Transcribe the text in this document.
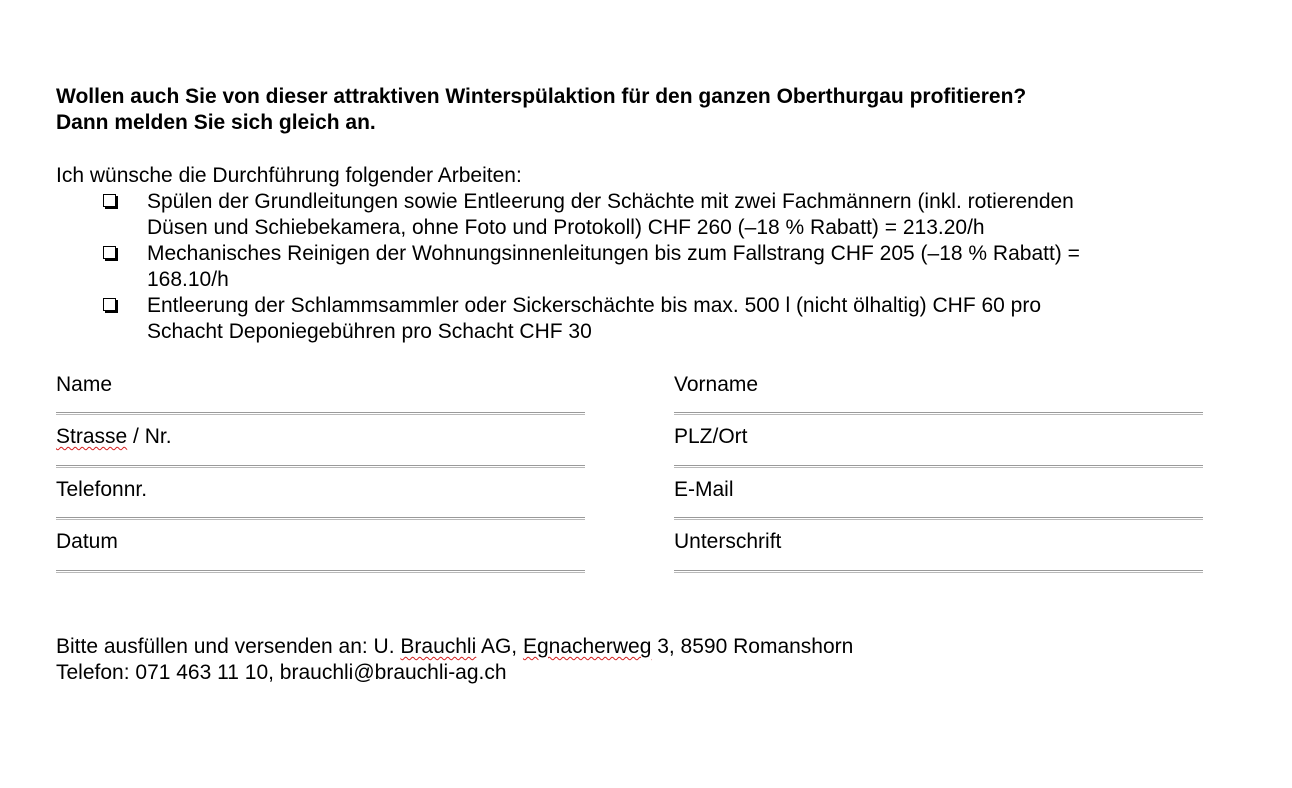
Wollen auch Sie von dieser attraktiven Winterspülaktion für den ganzen Oberthurgau profitieren?
Dann melden Sie sich gleich an.
Ich wünsche die Durchführung folgender Arbeiten:
Spülen der Grundleitungen sowie Entleerung der Schächte mit zwei Fachmännern (inkl. rotierenden
Düsen und Schiebekamera, ohne Foto und Protokoll) CHF 260 (–18 % Rabatt) = 213.20/h
Mechanisches Reinigen der Wohnungsinnenleitungen bis zum Fallstrang CHF 205 (–18 % Rabatt) =
168.10/h
Entleerung der Schlammsammler oder Sickerschächte bis max. 500 l (nicht ölhaltig) CHF 60 pro
Schacht Deponiegebühren pro Schacht CHF 30
Name	Vorname
Strasse / Nr.	PLZ/Ort
Telefonnr.	E-Mail
Datum	Unterschrift
Bitte ausfüllen und versenden an: U. Brauchli AG, Egnacherweg 3, 8590 Romanshorn
Telefon: 071 463 11 10, brauchli@brauchli-ag.ch
